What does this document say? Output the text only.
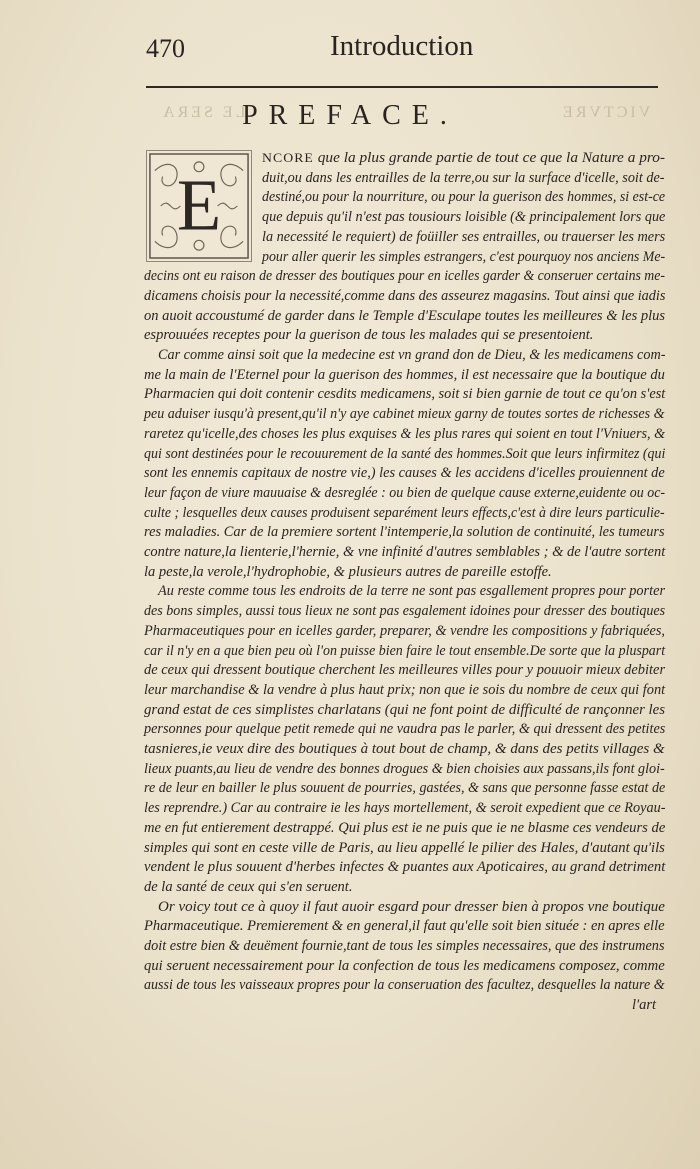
470	Introduction
LE SERA	VICTVRE
PREFACE.
E
NCORE que la plus grande partie de tout ce que la Nature a pro-
duit,ou dans les entrailles de la terre,ou sur la surface d'icelle, soit de-
destiné,ou pour la nourriture, ou pour la guerison des hommes, si est-ce
que depuis qu'il n'est pas tousiours loisible (& principalement lors que
la necessité le requiert) de foüiller ses entrailles, ou trauerser les mers
pour aller querir les simples estrangers, c'est pourquoy nos anciens Me-
decins ont eu raison de dresser des boutiques pour en icelles garder & conseruer certains me-
dicamens choisis pour la necessité,comme dans des asseurez magasins. Tout ainsi que iadis
on auoit accoustumé de garder dans le Temple d'Esculape toutes les meilleures & les plus
esprouuées receptes pour la guerison de tous les malades qui se presentoient.
Car comme ainsi soit que la medecine est vn grand don de Dieu, & les medicamens com-
me la main de l'Eternel pour la guerison des hommes, il est necessaire que la boutique du
Pharmacien qui doit contenir cesdits medicamens, soit si bien garnie de tout ce qu'on s'est
peu aduiser iusqu'à present,qu'il n'y aye cabinet mieux garny de toutes sortes de richesses &
raretez qu'icelle,des choses les plus exquises & les plus rares qui soient en tout l'Vniuers, &
qui sont destinées pour le recouurement de la santé des hommes.Soit que leurs infirmitez (qui
sont les ennemis capitaux de nostre vie,) les causes & les accidens d'icelles prouiennent de
leur façon de viure mauuaise & desreglée : ou bien de quelque cause externe,euidente ou oc-
culte ; lesquelles deux causes produisent separément leurs effects,c'est à dire leurs particulie-
res maladies. Car de la premiere sortent l'intemperie,la solution de continuité, les tumeurs
contre nature,la lienterie,l'hernie, & vne infinité d'autres semblables ; & de l'autre sortent
la peste,la verole,l'hydrophobie, & plusieurs autres de pareille estoffe.
Au reste comme tous les endroits de la terre ne sont pas esgallement propres pour porter
des bons simples, aussi tous lieux ne sont pas esgalement idoines pour dresser des boutiques
Pharmaceutiques pour en icelles garder, preparer, & vendre les compositions y fabriquées,
car il n'y en a que bien peu où l'on puisse bien faire le tout ensemble.De sorte que la pluspart
de ceux qui dressent boutique cherchent les meilleures villes pour y pouuoir mieux debiter
leur marchandise & la vendre à plus haut prix; non que ie sois du nombre de ceux qui font
grand estat de ces simplistes charlatans (qui ne font point de difficulté de rançonner les
personnes pour quelque petit remede qui ne vaudra pas le parler, & qui dressent des petites
tasnieres,ie veux dire des boutiques à tout bout de champ, & dans des petits villages &
lieux puants,au lieu de vendre des bonnes drogues & bien choisies aux passans,ils font gloi-
re de leur en bailler le plus souuent de pourries, gastées, & sans que personne fasse estat de
les reprendre.) Car au contraire ie les hays mortellement, & seroit expedient que ce Royau-
me en fut entierement destrappé. Qui plus est ie ne puis que ie ne blasme ces vendeurs de
simples qui sont en ceste ville de Paris, au lieu appellé le pilier des Hales, d'autant qu'ils
vendent le plus souuent d'herbes infectes & puantes aux Apoticaires, au grand detriment
de la santé de ceux qui s'en seruent.
Or voicy tout ce à quoy il faut auoir esgard pour dresser bien à propos vne boutique
Pharmaceutique. Premierement & en general,il faut qu'elle soit bien située : en apres elle
doit estre bien & deuëment fournie,tant de tous les simples necessaires, que des instrumens
qui seruent necessairement pour la confection de tous les medicamens composez, comme
aussi de tous les vaisseaux propres pour la conseruation des facultez, desquelles la nature &
l'art
